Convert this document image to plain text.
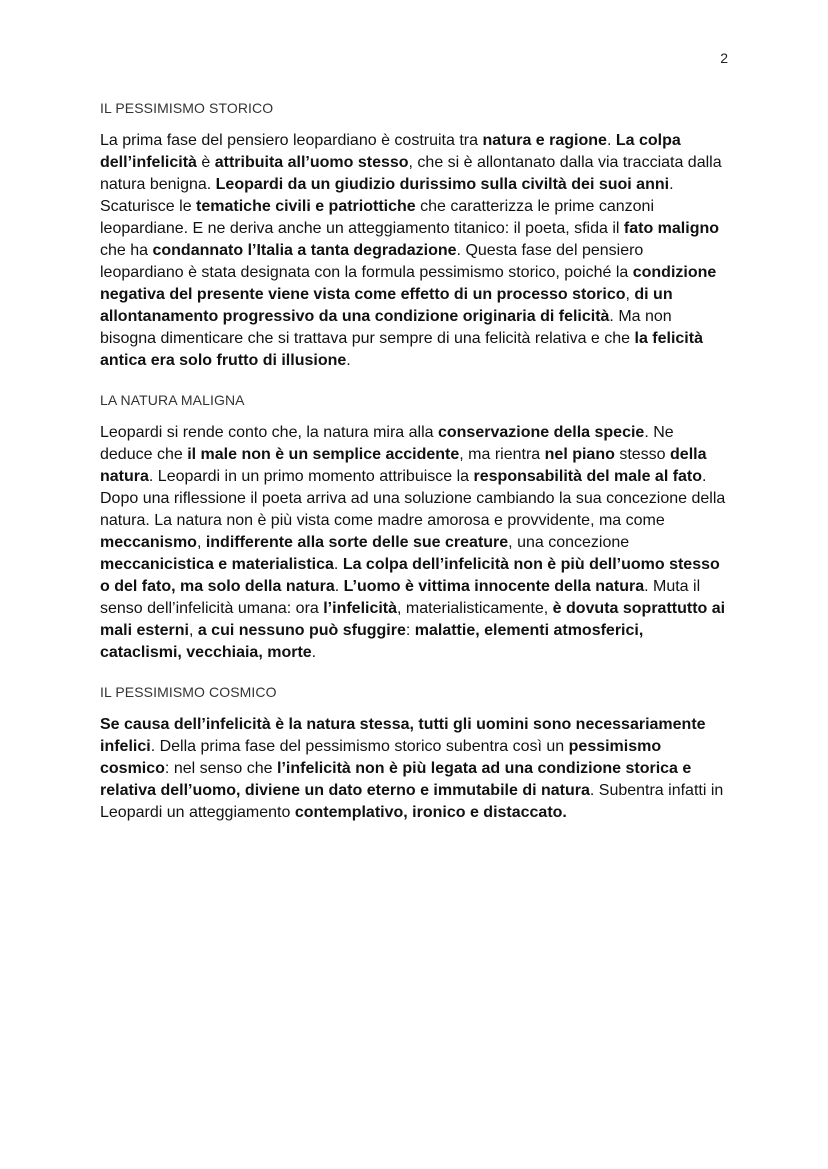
2
IL PESSIMISMO STORICO

La prima fase del pensiero leopardiano è costruita tra natura e ragione. La colpa dell’infelicità è attribuita all’uomo stesso, che si è allontanato dalla via tracciata dalla natura benigna. Leopardi da un giudizio durissimo sulla civiltà dei suoi anni. Scaturisce le tematiche civili e patriottiche che caratterizza le prime canzoni leopardiane. E ne deriva anche un atteggiamento titanico: il poeta, sfida il fato maligno che ha condannato l’Italia a tanta degradazione. Questa fase del pensiero leopardiano è stata designata con la formula pessimismo storico, poiché la condizione negativa del presente viene vista come effetto di un processo storico, di un allontanamento progressivo da una condizione originaria di felicità. Ma non bisogna dimenticare che si trattava pur sempre di una felicità relativa e che la felicità antica era solo frutto di illusione.

LA NATURA MALIGNA

Leopardi si rende conto che, la natura mira alla conservazione della specie. Ne deduce che il male non è un semplice accidente, ma rientra nel piano stesso della natura. Leopardi in un primo momento attribuisce la responsabilità del male al fato. Dopo una riflessione il poeta arriva ad una soluzione cambiando la sua concezione della natura. La natura non è più vista come madre amorosa e provvidente, ma come meccanismo, indifferente alla sorte delle sue creature, una concezione meccanicistica e materialistica. La colpa dell’infelicità non è più dell’uomo stesso o del fato, ma solo della natura. L’uomo è vittima innocente della natura. Muta il senso dell’infelicità umana: ora l’infelicità, materialisticamente, è dovuta soprattutto ai mali esterni, a cui nessuno può sfuggire: malattie, elementi atmosferici, cataclismi, vecchiaia, morte.

IL PESSIMISMO COSMICO

Se causa dell’infelicità è la natura stessa, tutti gli uomini sono necessariamente infelici. Della prima fase del pessimismo storico subentra così un pessimismo cosmico: nel senso che l’infelicità non è più legata ad una condizione storica e relativa dell’uomo, diviene un dato eterno e immutabile di natura. Subentra infatti in Leopardi un atteggiamento contemplativo, ironico e distaccato.
